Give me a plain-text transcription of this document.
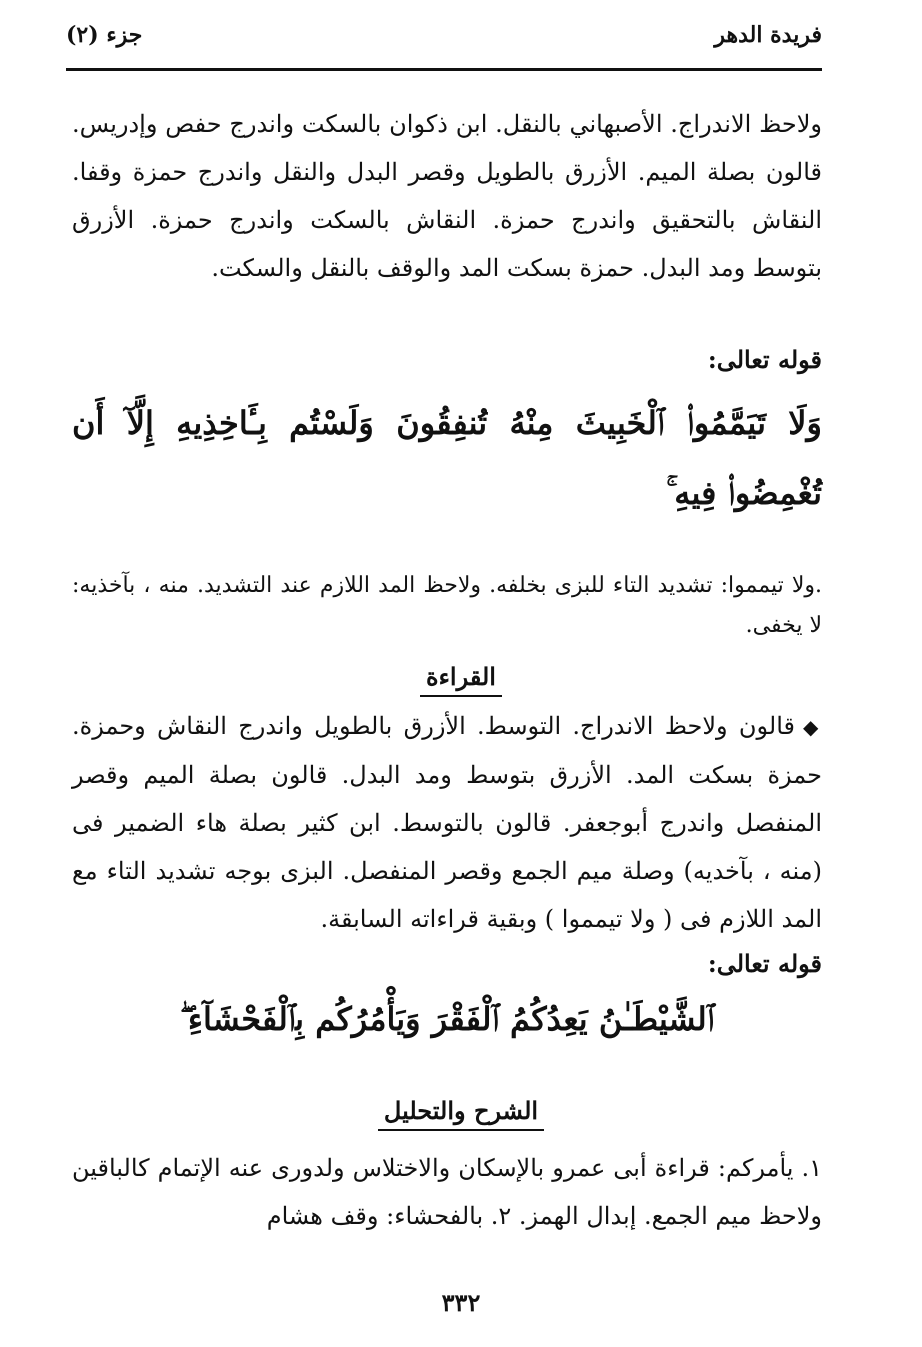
فريدة الدهر
جزء (٢)
ولاحظ الاندراج. الأصبهاني بالنقل. ابن ذكوان بالسكت واندرج حفص وإدريس. قالون بصلة الميم. الأزرق بالطويل وقصر البدل والنقل واندرج حمزة وقفا. النقاش بالتحقيق واندرج حمزة. النقاش بالسكت واندرج حمزة. الأزرق بتوسط ومد البدل. حمزة بسكت المد والوقف بالنقل والسكت.
قوله تعالى:
وَلَا تَيَمَّمُوا۟ ٱلْخَبِيثَ مِنْهُ تُنفِقُونَ وَلَسْتُم بِـَٔاخِذِيهِ إِلَّآ أَن تُغْمِضُوا۟ فِيهِ ۚ
.ولا تيمموا: تشديد التاء للبزى بخلفه. ولاحظ المد اللازم عند التشديد. منه ، بآخذيه: لا يخفى.
القراءة
◆قالون ولاحظ الاندراج. التوسط. الأزرق بالطويل واندرج النقاش وحمزة. حمزة بسكت المد. الأزرق بتوسط ومد البدل. قالون بصلة الميم وقصر المنفصل واندرج أبوجعفر. قالون بالتوسط. ابن كثير بصلة هاء الضمير فى (منه ، بآخديه) وصلة ميم الجمع وقصر المنفصل. البزى بوجه تشديد التاء مع المد اللازم فى ( ولا تيمموا ) وبقية قراءاته السابقة.
قوله تعالى:
ٱلشَّيْطَـٰنُ يَعِدُكُمُ ٱلْفَقْرَ وَيَأْمُرُكُم بِٱلْفَحْشَآءِ ۖ
الشرح والتحليل
١. يأمركم: قراءة أبى عمرو بالإسكان والاختلاس ولدورى عنه الإتمام كالباقين ولاحظ ميم الجمع. إبدال الهمز. ٢. بالفحشاء: وقف هشام
٣٣٢
